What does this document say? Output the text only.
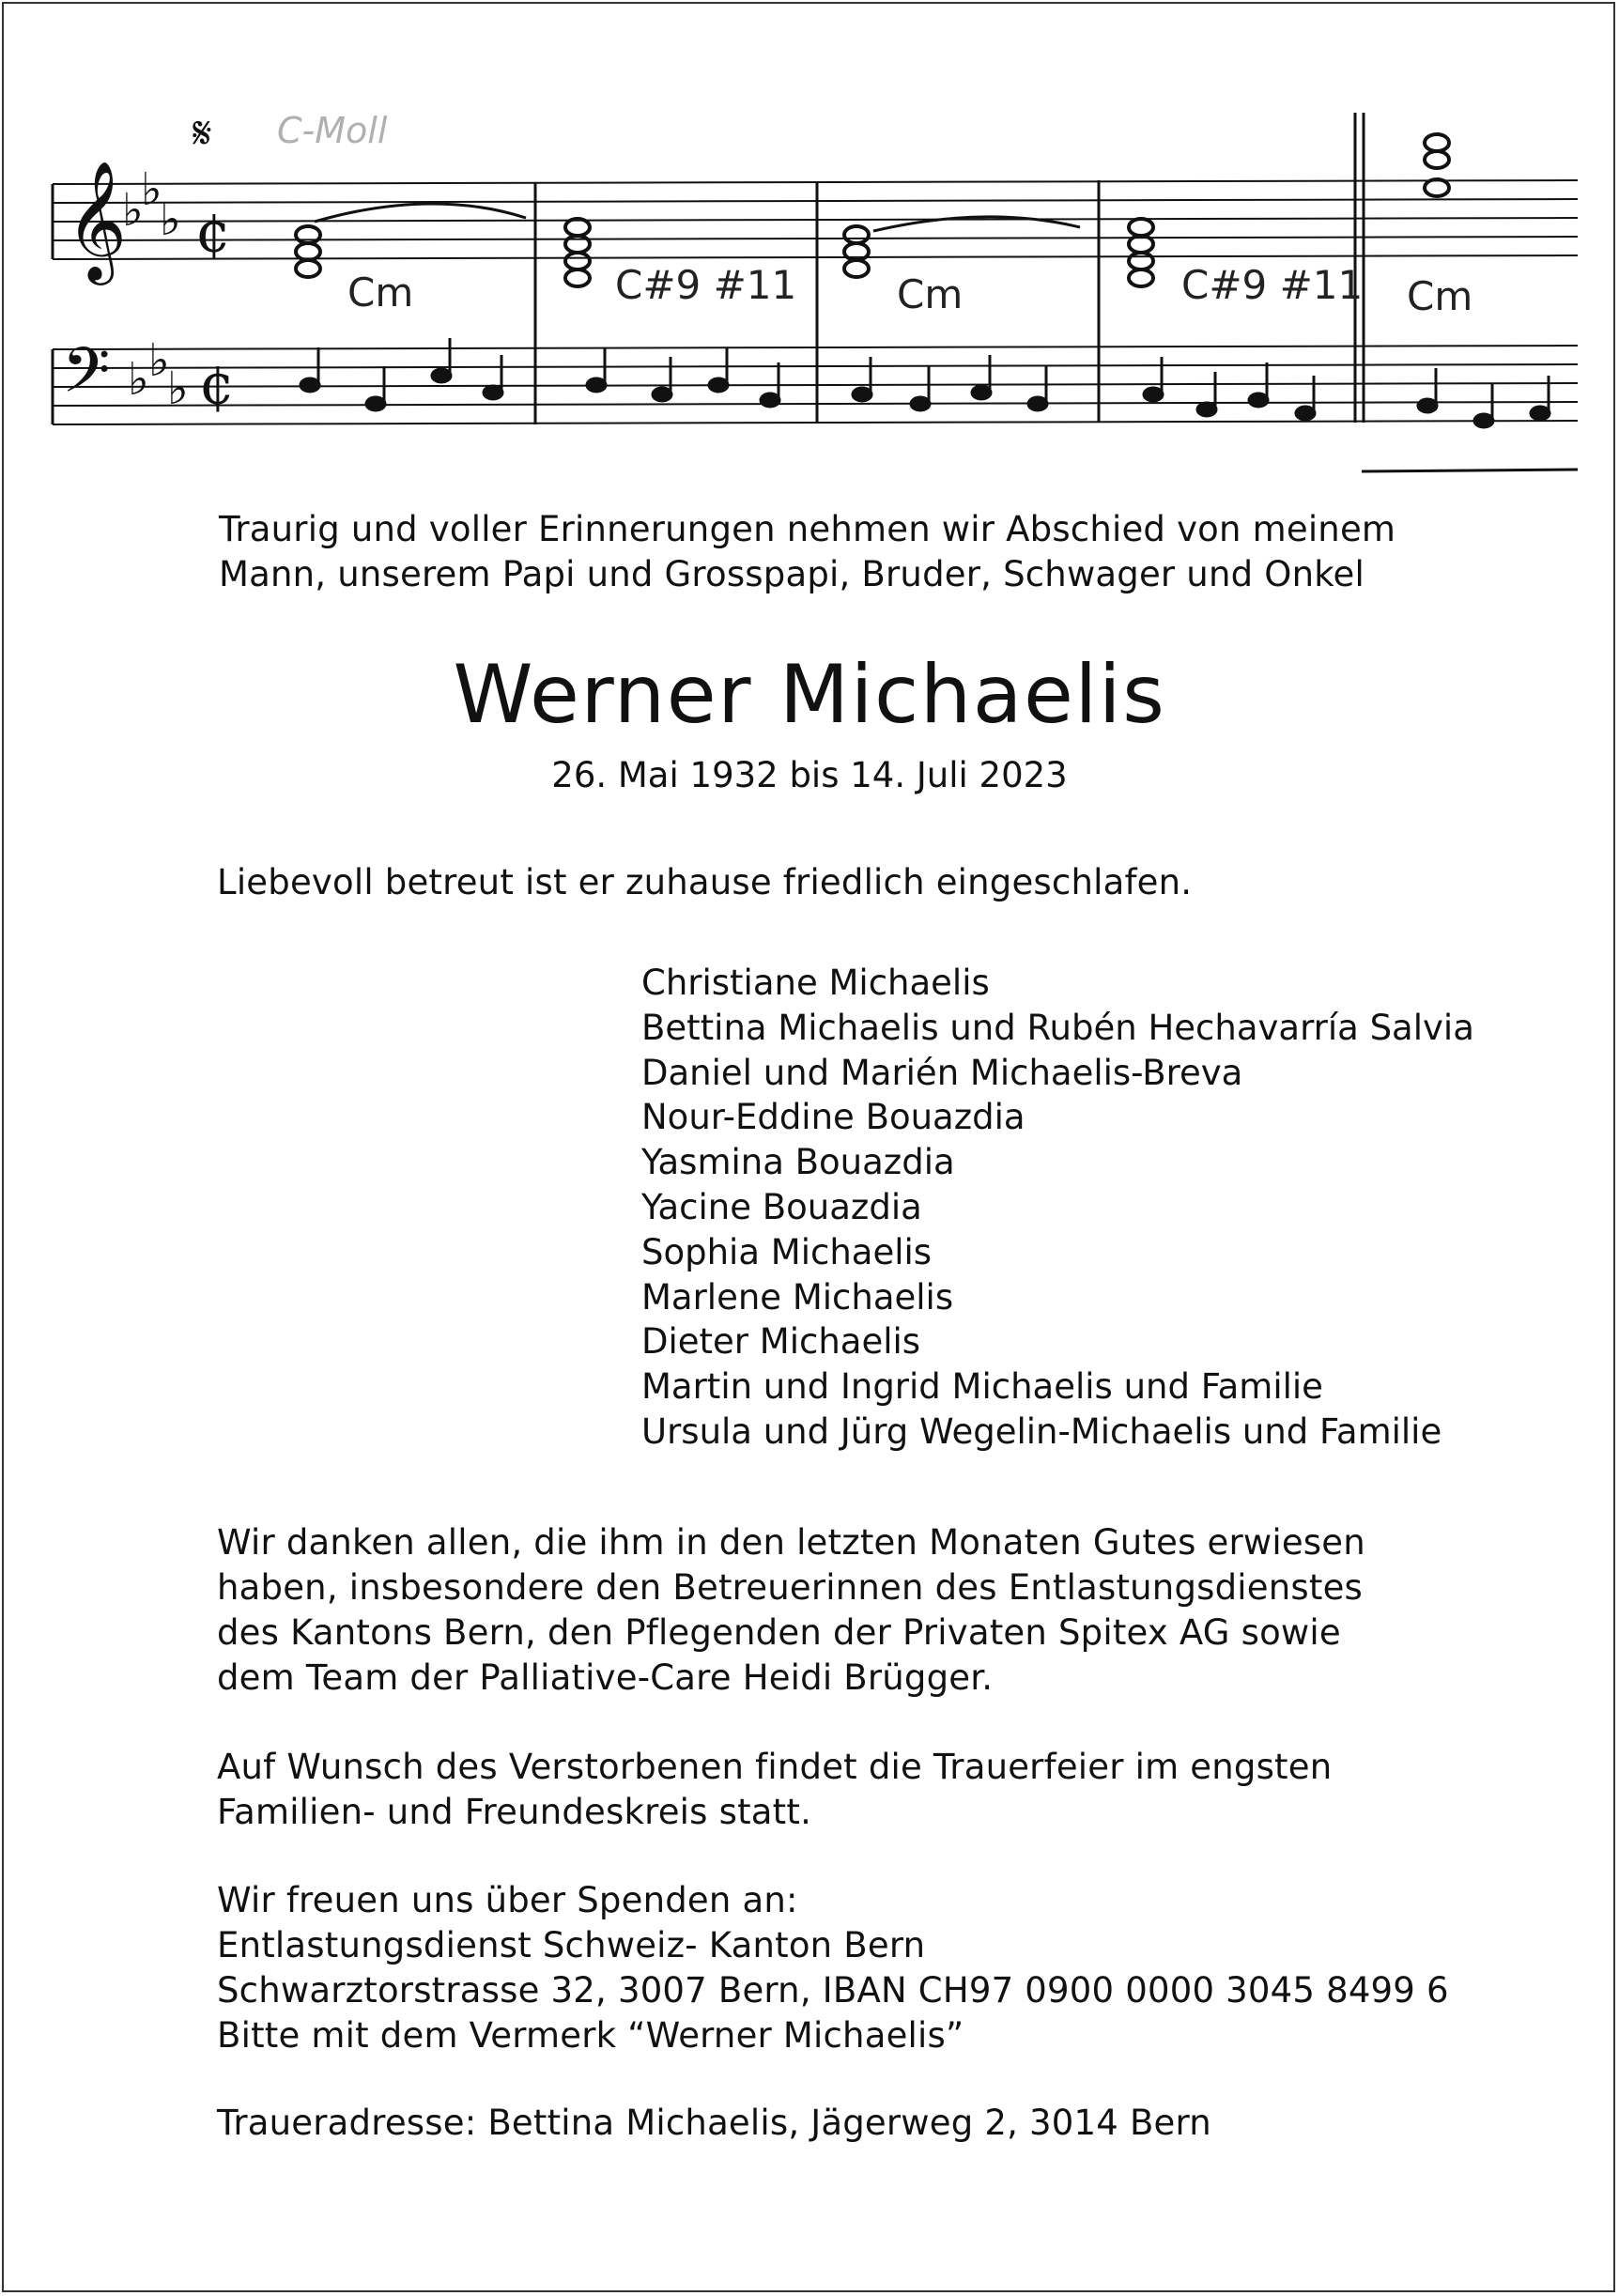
𝄋 C-Moll
𝄞
♭
♭
♭ ¢
𝄢 ♭ ♭
♭ ¢
Cm	C#9 #11	Cm	C#9 #11 Cm
Traurig und voller Erinnerungen nehmen wir Abschied von meinem
Mann, unserem Papi und Grosspapi, Bruder, Schwager und Onkel
Werner Michaelis
26. Mai 1932 bis 14. Juli 2023
Liebevoll betreut ist er zuhause friedlich eingeschlafen.
Christiane Michaelis
Bettina Michaelis und Rubén Hechavarría Salvia
Daniel und Marién Michaelis-Breva
Nour-Eddine Bouazdia
Yasmina Bouazdia
Yacine Bouazdia
Sophia Michaelis
Marlene Michaelis
Dieter Michaelis
Martin und Ingrid Michaelis und Familie
Ursula und Jürg Wegelin-Michaelis und Familie
Wir danken allen, die ihm in den letzten Monaten Gutes erwiesen
haben, insbesondere den Betreuerinnen des Entlastungsdienstes
des Kantons Bern, den Pflegenden der Privaten Spitex AG sowie
dem Team der Palliative-Care Heidi Brügger.
Auf Wunsch des Verstorbenen findet die Trauerfeier im engsten
Familien- und Freundeskreis statt.
Wir freuen uns über Spenden an:
Entlastungsdienst Schweiz- Kanton Bern
Schwarztorstrasse 32, 3007 Bern, IBAN CH97 0900 0000 3045 8499 6
Bitte mit dem Vermerk “Werner Michaelis”
Traueradresse: Bettina Michaelis, Jägerweg 2, 3014 Bern
